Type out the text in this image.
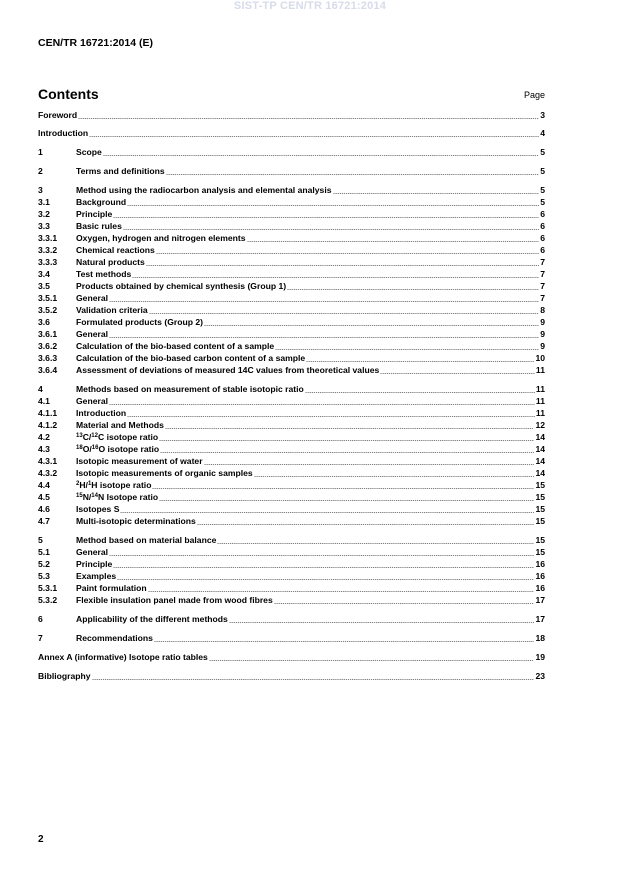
SIST-TP CEN/TR 16721:2014
CEN/TR 16721:2014 (E)
Contents	Page
Foreword	3
Introduction	4
1	Scope	5
2	Terms and definitions	5
3	Method using the radiocarbon analysis and elemental analysis	5
3.1	Background	5
3.2	Principle	6
3.3	Basic rules	6
3.3.1	Oxygen, hydrogen and nitrogen elements	6
3.3.2	Chemical reactions	6
3.3.3	Natural products	7
3.4	Test methods	7
3.5	Products obtained by chemical synthesis (Group 1)	7
3.5.1	General	7
3.5.2	Validation criteria	8
3.6	Formulated products (Group 2)	9
3.6.1	General	9
3.6.2	Calculation of the bio-based content of a sample	9
3.6.3	Calculation of the bio-based carbon content of a sample	10
3.6.4	Assessment of deviations of measured 14C values from theoretical values	11
4	Methods based on measurement of stable isotopic ratio	11
4.1	General	11
4.1.1	Introduction	11
4.1.2	Material and Methods	12
4.2	$^{13}$C/$^{12}$C isotope ratio	14
4.3	$^{18}$O/$^{16}$O isotope ratio	14
4.3.1	Isotopic measurement of water	14
4.3.2	Isotopic measurements of organic samples	14
4.4	$^2$H/$^1$H isotope ratio	15
4.5	$^{15}$N/$^{14}$N Isotope ratio	15
4.6	Isotopes S	15
4.7	Multi-isotopic determinations	15
5	Method based on material balance	15
5.1	General	15
5.2	Principle	16
5.3	Examples	16
5.3.1	Paint formulation	16
5.3.2	Flexible insulation panel made from wood fibres	17
6	Applicability of the different methods	17
7	Recommendations	18
Annex A (informative) Isotope ratio tables	19
Bibliography	23
2
